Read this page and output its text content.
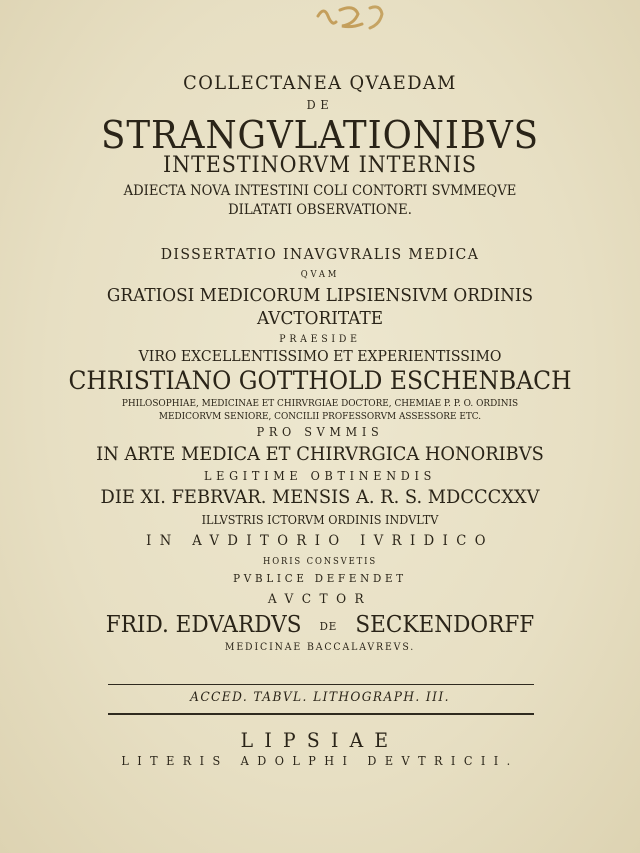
COLLECTANEA QVAEDAM
DE
STRANGVLATIONIBVS
INTESTINORVM INTERNIS
ADIECTA NOVA INTESTINI COLI CONTORTI SVMMEQVE
DILATATI OBSERVATIONE.
DISSERTATIO INAVGVRALIS MEDICA
QVAM
GRATIOSI MEDICORUM LIPSIENSIVM ORDINIS
AVCTORITATE
PRAESIDE
VIRO EXCELLENTISSIMO ET EXPERIENTISSIMO
CHRISTIANO GOTTHOLD ESCHENBACH
PHILOSOPHIAE, MEDICINAE ET CHIRVRGIAE DOCTORE, CHEMIAE P. P. O. ORDINIS
MEDICORVM SENIORE, CONCILII PROFESSORVM ASSESSORE ETC.
PRO SVMMIS
IN ARTE MEDICA ET CHIRVRGICA HONORIBVS
LEGITIME OBTINENDIS
DIE XI. FEBRVAR. MENSIS A. R. S. MDCCCXXV
ILLVSTRIS ICTORVM ORDINIS INDVLTV
IN AVDITORIO IVRIDICO
HORIS CONSVETIS
PVBLICE DEFENDET
AVCTOR
FRID. EDVARDVS DE SECKENDORFF
MEDICINAE BACCALAVREVS.
ACCED. TABVL. LITHOGRAPH. III.
LIPSIAE
LITERIS ADOLPHI DEVTRICII.
